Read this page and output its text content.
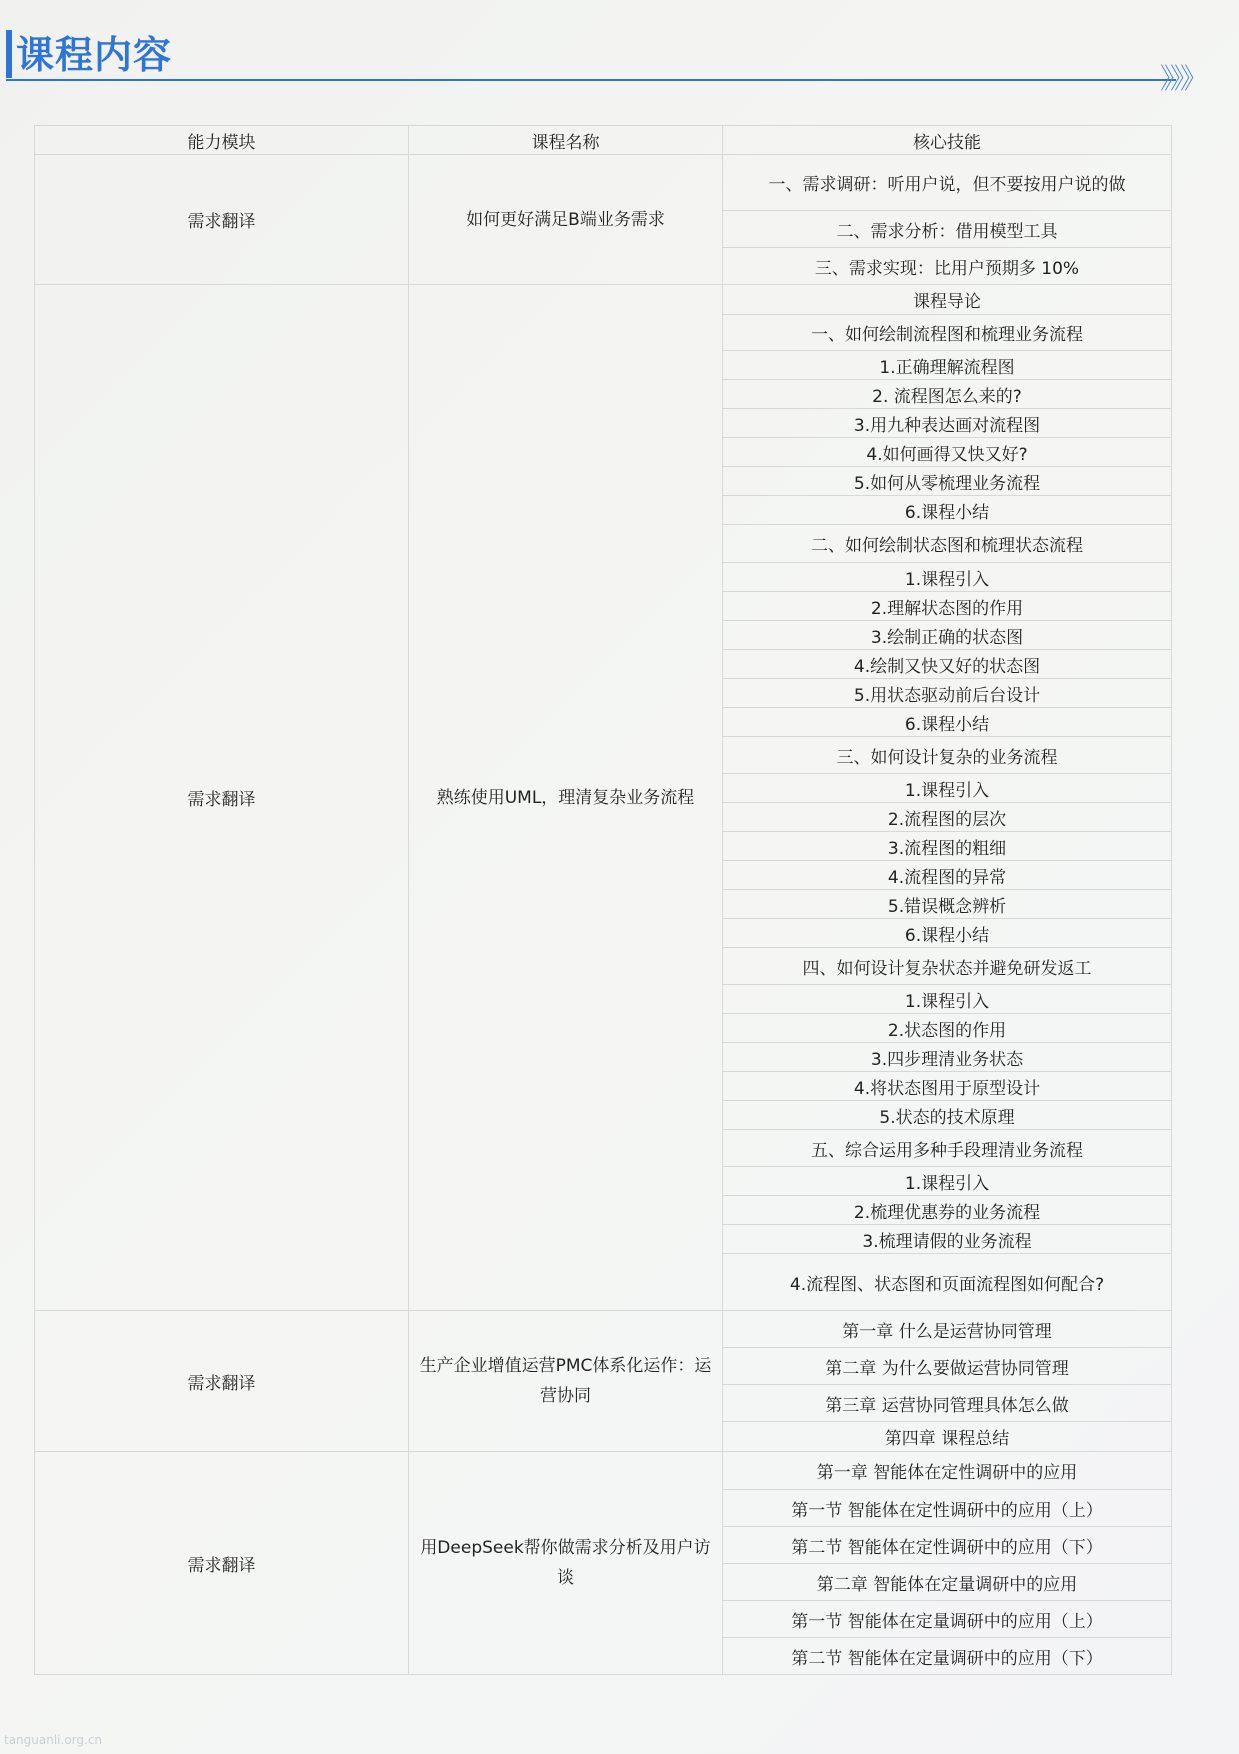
课程内容
》》》
能力模块	课程名称	核心技能
需求翻译	如何更好满足B端业务需求	一、需求调研：听用户说，但不要按用户说的做
		二、需求分析：借用模型工具
		三、需求实现：比用户预期多 10%
需求翻译	熟练使用UML，理清复杂业务流程	课程导论
		一、如何绘制流程图和梳理业务流程
		1.正确理解流程图
		2. 流程图怎么来的?
		3.用九种表达画对流程图
		4.如何画得又快又好?
		5.如何从零梳理业务流程
		6.课程小结
		二、如何绘制状态图和梳理状态流程
		1.课程引入
		2.理解状态图的作用
		3.绘制正确的状态图
		4.绘制又快又好的状态图
		5.用状态驱动前后台设计
		6.课程小结
		三、如何设计复杂的业务流程
		1.课程引入
		2.流程图的层次
		3.流程图的粗细
		4.流程图的异常
		5.错误概念辨析
		6.课程小结
		四、如何设计复杂状态并避免研发返工
		1.课程引入
		2.状态图的作用
		3.四步理清业务状态
		4.将状态图用于原型设计
		5.状态的技术原理
		五、综合运用多种手段理清业务流程
		1.课程引入
		2.梳理优惠券的业务流程
		3.梳理请假的业务流程
		4.流程图、状态图和页面流程图如何配合?
需求翻译	生产企业增值运营PMC体系化运作：运营协同	第一章 什么是运营协同管理
		第二章 为什么要做运营协同管理
		第三章 运营协同管理具体怎么做
		第四章 课程总结
需求翻译	用DeepSeek帮你做需求分析及用户访谈	第一章 智能体在定性调研中的应用
		第一节 智能体在定性调研中的应用（上）
		第二节 智能体在定性调研中的应用（下）
		第二章 智能体在定量调研中的应用
		第一节 智能体在定量调研中的应用（上）
		第二节 智能体在定量调研中的应用（下）
tanguanli.org.cn
